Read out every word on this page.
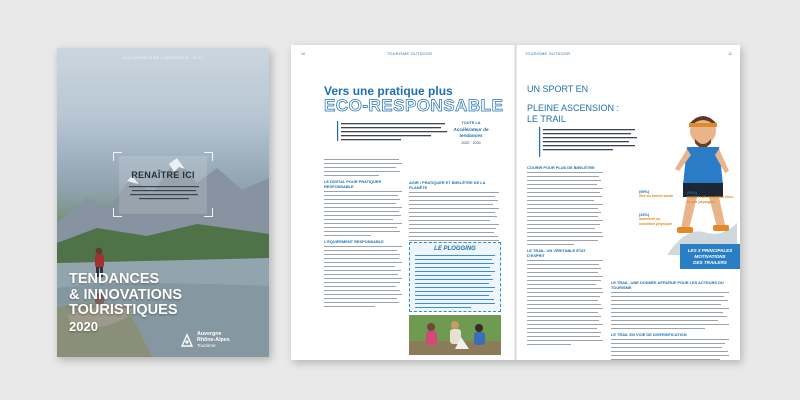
LES CARNETS DE L'INGÉNIERIE · N°10
RENAÎTRE ICI
TENDANCES
& INNOVATIONS
TOURISTIQUES
2020
Auvergne
Rhône-Alpes
Tourisme
10	TOURISME OUTDOOR
Vers une pratique plus
ECO-RESPONSABLE
TOUTE LA
Accélérateur de tendances
2020 · 2030
LE DIGITAL POUR PRATIQUER RESPONSABLE
L'ÉQUIPEMENT RESPONSABLE
AGIR / PRATIQUER ET BIEN-ÊTRE DE LA PLANÈTE
LE PLOGGING
TOURISME OUTDOOR	11
UN SPORT EN
PLEINE ASCENSION :
LE TRAIL
COURIR POUR PLUS DE BIEN-ÊTRE
LE TRAIL, UN VÉRITABLE ÉTAT D'ESPRIT
LE TRAIL, UNE DONNÉE APPARUE POUR LES ACTEURS DU TOURISME
LE TRAIL EN VOIE DE DIVERSIFICATION
(59%)
être au bonne santé
(50%)
explorer de nouveaux lieux et ses paysages
(33%)
maintenir sa condition physique
LES 3 PRINCIPALES
MOTIVATIONS
DES TRAILERS
